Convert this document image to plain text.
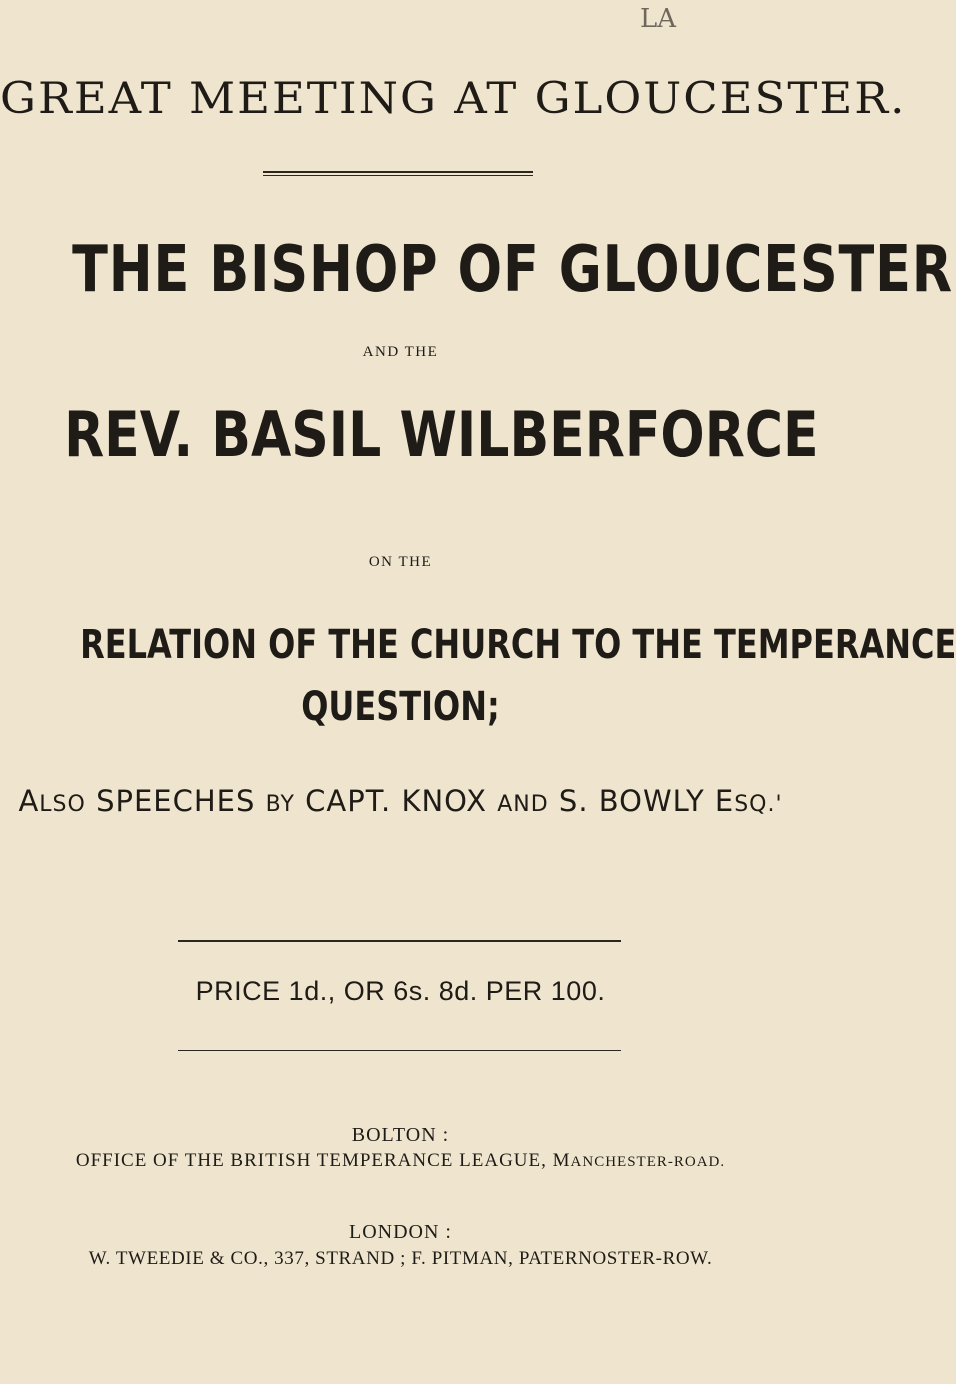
LA
GREAT MEETING AT GLOUCESTER.
THE BISHOP OF GLOUCESTER
AND THE
REV. BASIL WILBERFORCE
ON THE
RELATION OF THE CHURCH TO THE TEMPERANCE
QUESTION;
ALSO SPEECHES BY CAPT. KNOX AND S. BOWLY ESQ.'
PRICE 1d., OR 6s. 8d. PER 100.
BOLTON :
OFFICE OF THE BRITISH TEMPERANCE LEAGUE, MANCHESTER-ROAD.
LONDON :
W. TWEEDIE & CO., 337, STRAND ; F. PITMAN, PATERNOSTER-ROW.
